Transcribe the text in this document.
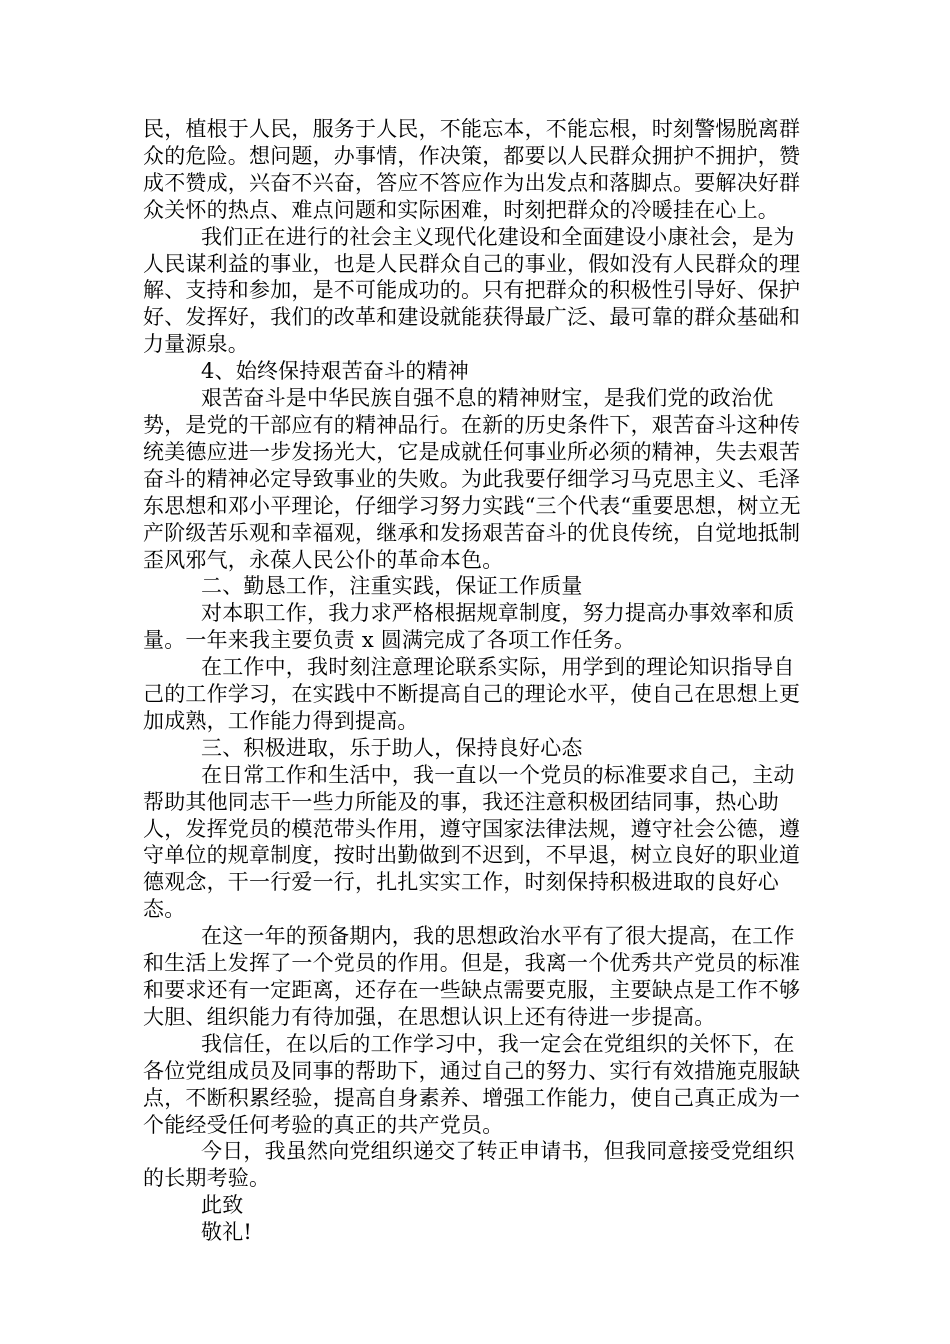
民，植根于人民，服务于人民，不能忘本，不能忘根，时刻警惕脱离群众的危险。想问题，办事情，作决策，都要以人民群众拥护不拥护，赞成不赞成，兴奋不兴奋，答应不答应作为出发点和落脚点。要解决好群众关怀的热点、难点问题和实际困难，时刻把群众的冷暖挂在心上。

我们正在进行的社会主义现代化建设和全面建设小康社会，是为人民谋利益的事业，也是人民群众自己的事业，假如没有人民群众的理解、支持和参加，是不可能成功的。只有把群众的积极性引导好、保护好、发挥好，我们的改革和建设就能获得最广泛、最可靠的群众基础和力量源泉。

4、始终保持艰苦奋斗的精神

艰苦奋斗是中华民族自强不息的精神财宝，是我们党的政治优势，是党的干部应有的精神品行。在新的历史条件下，艰苦奋斗这种传统美德应进一步发扬光大，它是成就任何事业所必须的精神，失去艰苦奋斗的精神必定导致事业的失败。为此我要仔细学习马克思主义、毛泽东思想和邓小平理论，仔细学习努力实践“三个代表“重要思想，树立无产阶级苦乐观和幸福观，继承和发扬艰苦奋斗的优良传统，自觉地抵制歪风邪气，永葆人民公仆的革命本色。

二、勤恳工作，注重实践，保证工作质量

对本职工作，我力求严格根据规章制度，努力提高办事效率和质量。一年来我主要负责 x 圆满完成了各项工作任务。

在工作中，我时刻注意理论联系实际，用学到的理论知识指导自己的工作学习，在实践中不断提高自己的理论水平，使自己在思想上更加成熟，工作能力得到提高。

三、积极进取，乐于助人，保持良好心态

在日常工作和生活中，我一直以一个党员的标准要求自己，主动帮助其他同志干一些力所能及的事，我还注意积极团结同事，热心助人，发挥党员的模范带头作用，遵守国家法律法规，遵守社会公德，遵守单位的规章制度，按时出勤做到不迟到，不早退，树立良好的职业道德观念，干一行爱一行，扎扎实实工作，时刻保持积极进取的良好心态。

在这一年的预备期内，我的思想政治水平有了很大提高，在工作和生活上发挥了一个党员的作用。但是，我离一个优秀共产党员的标准和要求还有一定距离，还存在一些缺点需要克服，主要缺点是工作不够大胆、组织能力有待加强，在思想认识上还有待进一步提高。

我信任，在以后的工作学习中，我一定会在党组织的关怀下，在各位党组成员及同事的帮助下，通过自己的努力、实行有效措施克服缺点，不断积累经验，提高自身素养、增强工作能力，使自己真正成为一个能经受任何考验的真正的共产党员。

今日，我虽然向党组织递交了转正申请书，但我同意接受党组织的长期考验。

此致

敬礼!
